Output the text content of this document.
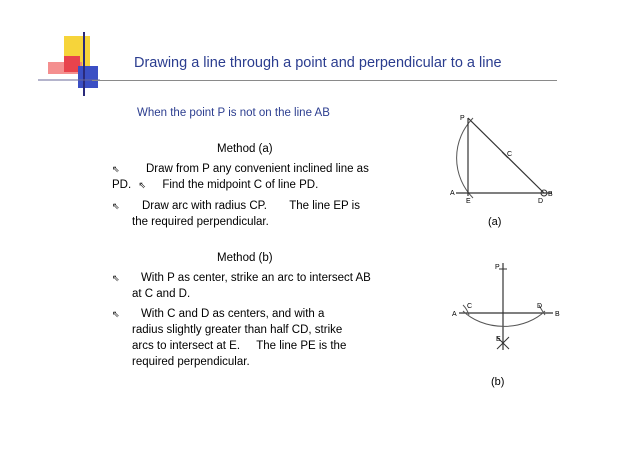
Drawing a line through a point and perpendicular to a line
When the point P is not on the line AB
Method (a)
⇖ Draw from P any convenient inclined line as
PD. ⇖ Find the midpoint C of line PD.
⇖ Draw arc with radius CP. The line EP is
the required perpendicular.
Method (b)
⇖ With P as center, strike an arc to intersect AB
at C and D.
⇖ With C and D as centers, and with a
radius slightly greater than half CD, strike
arcs to intersect at E. The line PE is the
required perpendicular.
P
C
A
E	D
B
(a)
P
A
C	D
B
E
(b)
